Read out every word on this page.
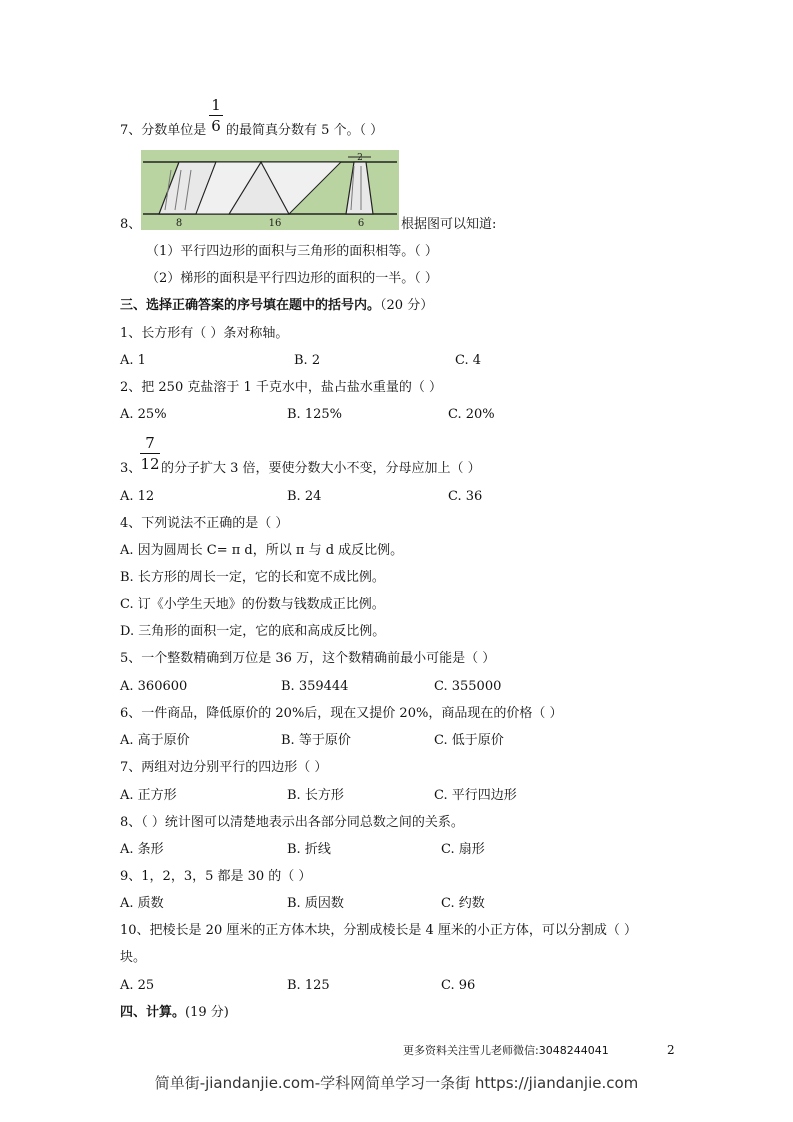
7、分数单位是
1
6 的最简真分数有 5 个。（ ）
2
8	16	6
8、	根据图可以知道:
（1）平行四边形的面积与三角形的面积相等。（ ）
（2）梯形的面积是平行四边形的面积的一半。（ ）
三、选择正确答案的序号填在题中的括号内。（20 分）
1、长方形有（ ）条对称轴。
A. 1	B. 2	C. 4
2、把 250 克盐溶于 1 千克水中，盐占盐水重量的（ ）
A. 25%	B. 125%	C. 20%
3、
7
12 的分子扩大 3 倍，要使分数大小不变，分母应加上（ ）
A. 12	B. 24	C. 36
4、下列说法不正确的是（ ）
A. 因为圆周长 C= π d，所以 π 与 d 成反比例。
B. 长方形的周长一定，它的长和宽不成比例。
C. 订《小学生天地》的份数与钱数成正比例。
D. 三角形的面积一定，它的底和高成反比例。
5、一个整数精确到万位是 36 万，这个数精确前最小可能是（ ）
A. 360600	B. 359444	C. 355000
6、一件商品，降低原价的 20%后，现在又提价 20%，商品现在的价格（ ）
A. 高于原价	B. 等于原价	C. 低于原价
7、两组对边分别平行的四边形（ ）
A. 正方形	B. 长方形	C. 平行四边形
8、（ ）统计图可以清楚地表示出各部分同总数之间的关系。
A. 条形	B. 折线	C. 扇形
9、1，2，3，5 都是 30 的（ ）
A. 质数	B. 质因数	C. 约数
10、把棱长是 20 厘米的正方体木块，分割成棱长是 4 厘米的小正方体，可以分割成（ ）
块。
A. 25	B. 125	C. 96
四、计算。(19 分)
更多资料关注雪儿老师微信:3048244041	2
简单街-jiandanjie.com-学科网简单学习一条街 https://jiandanjie.com
